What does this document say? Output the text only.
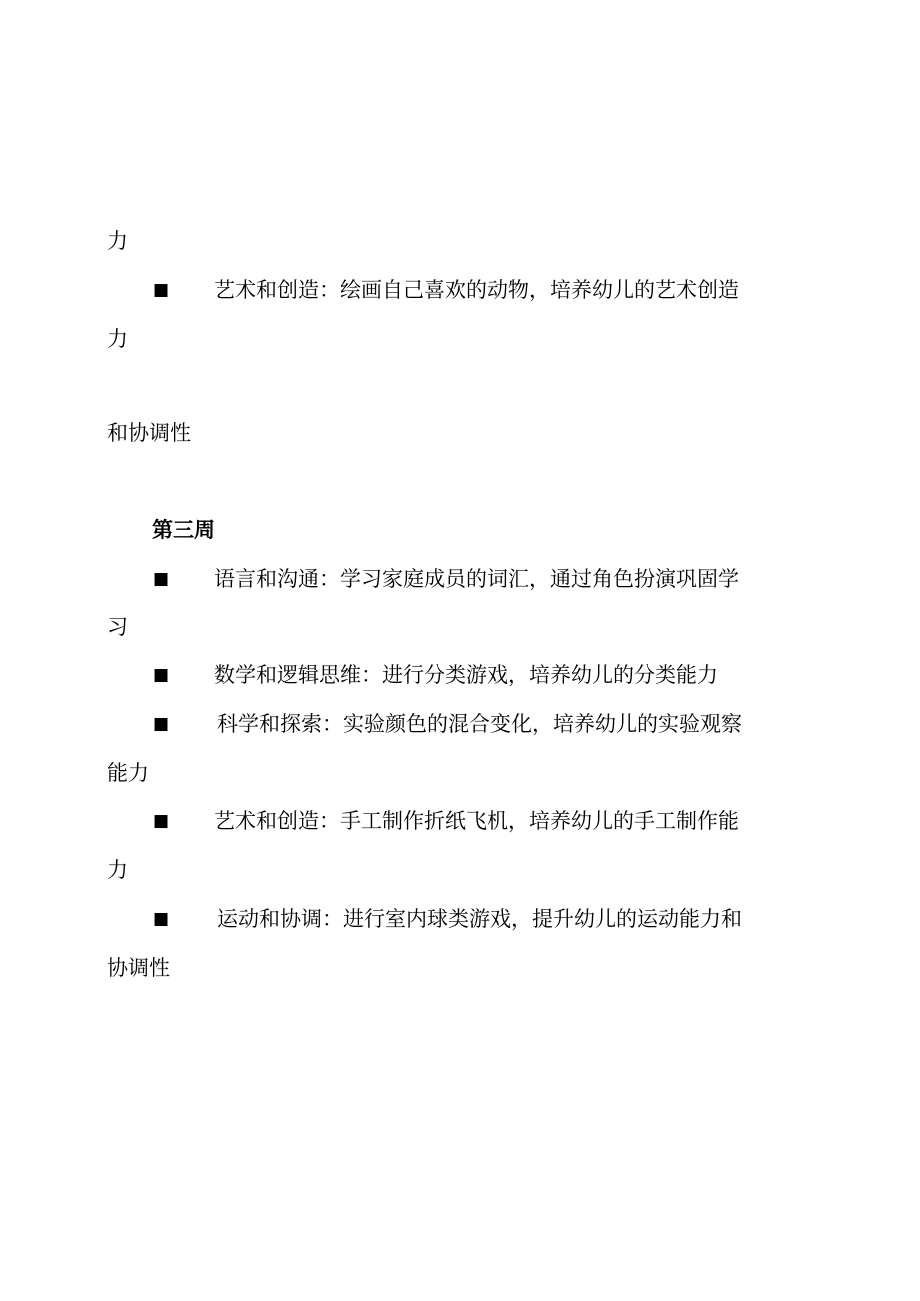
力
■ 艺术和创造：绘画自己喜欢的动物，培养幼儿的艺术创造
力
和协调性
第三周
■ 语言和沟通：学习家庭成员的词汇，通过角色扮演巩固学
习
■ 数学和逻辑思维：进行分类游戏，培养幼儿的分类能力
■ 科学和探索：实验颜色的混合变化，培养幼儿的实验观察
能力
■ 艺术和创造：手工制作折纸飞机，培养幼儿的手工制作能
力
■ 运动和协调：进行室内球类游戏，提升幼儿的运动能力和
协调性
